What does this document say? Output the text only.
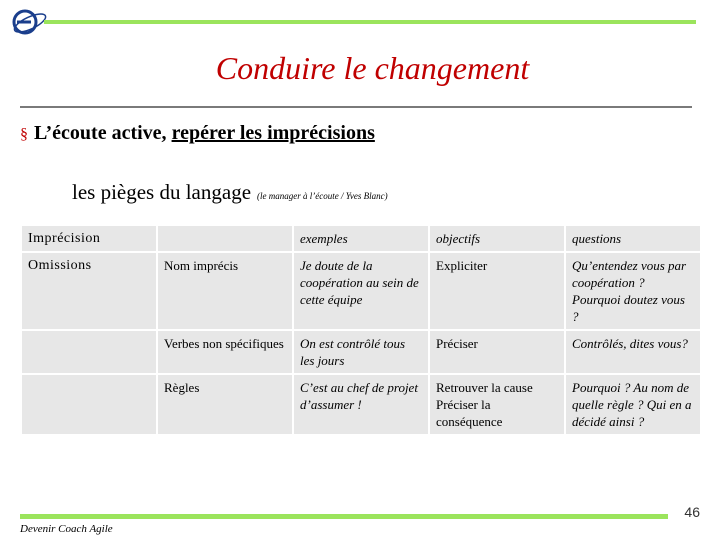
Conduire le changement
§ L’écoute active, repérer les imprécisions
les pièges du langage (le manager à l’écoute / Yves Blanc)
Imprécision		exemples	objectifs	questions
Omissions	Nom imprécis	Je doute de la coopération au sein de cette équipe	Expliciter	Qu’entendez vous par coopération ? Pourquoi doutez vous ?
	Verbes non spécifiques	On est contrôlé tous les jours	Préciser	Contrôlés, dites vous?
	Règles	C’est au chef de projet d’assumer !	Retrouver la cause Préciser la conséquence	Pourquoi ? Au nom de quelle règle ? Qui en a décidé ainsi ?
46
Devenir Coach Agile
